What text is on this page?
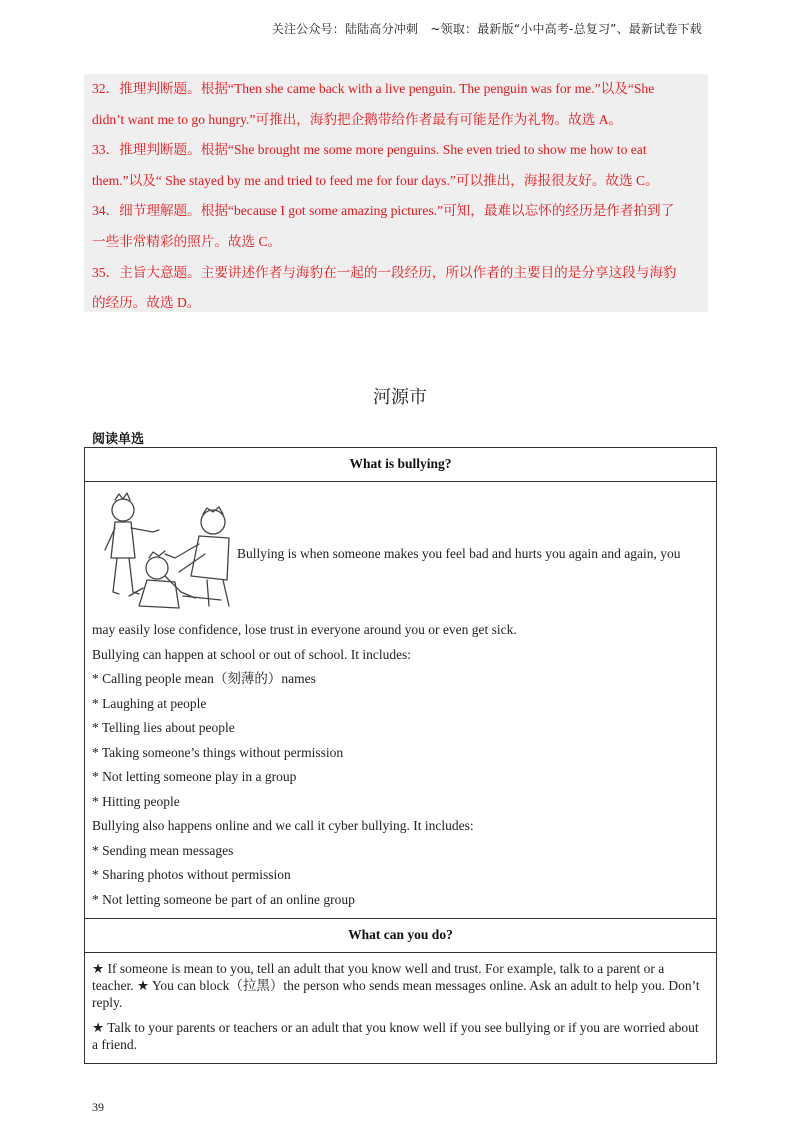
关注公众号：陆陆高分冲刺　~领取：最新版“小中高考-总复习”、最新试卷下载

32．推理判断题。根据“Then she came back with a live penguin. The penguin was for me.”以及“She

didn’t want me to go hungry.”可推出，海豹把企鹅带给作者最有可能是作为礼物。故选 A。

33．推理判断题。根据“She brought me some more penguins. She even tried to show me how to eat

them.”以及“ She stayed by me and tried to feed me for four days.”可以推出，海报很友好。故选 C。

34．细节理解题。根据“because I got some amazing pictures.”可知，最难以忘怀的经历是作者拍到了

一些非常精彩的照片。故选 C。

35．主旨大意题。主要讲述作者与海豹在一起的一段经历，所以作者的主要目的是分享这段与海豹

的经历。故选 D。

河源市
阅读单选
What is bullying?
Bullying is when someone makes you feel bad and hurts you again and again, you

may easily lose confidence, lose trust in everyone around you or even get sick.

Bullying can happen at school or out of school. It includes:

* Calling people mean（刻薄的）names

* Laughing at people

* Telling lies about people

* Taking someone’s things without permission

* Not letting someone play in a group

* Hitting people

Bullying also happens online and we call it cyber bullying. It includes:

* Sending mean messages

* Sharing photos without permission

* Not letting someone be part of an online group

What can you do?

★ If someone is mean to you, tell an adult that you know well and trust. For example, talk to a parent or a teacher. ★ You can block（拉黑）the person who sends mean messages online. Ask an adult to help you. Don’t reply.

★ Talk to your parents or teachers or an adult that you know well if you see bullying or if you are worried about a friend.

39
